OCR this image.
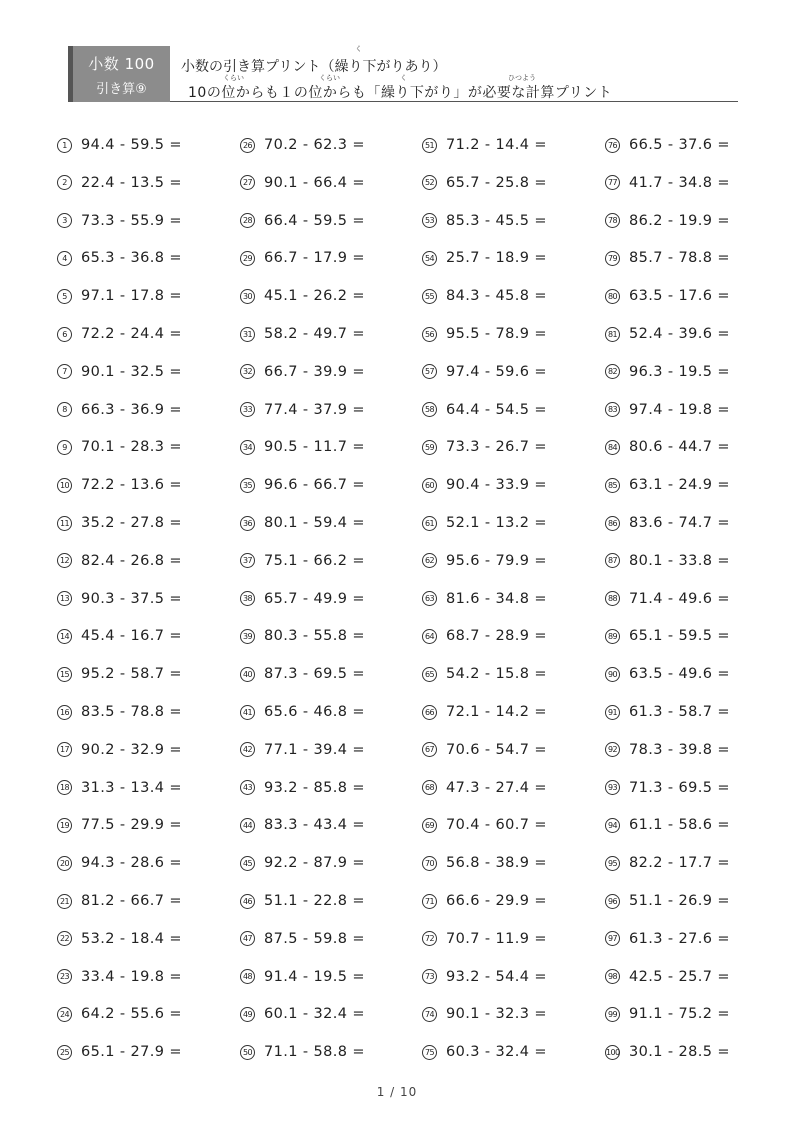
小数 100
引き算⑨
く
小数の引き算プリント（繰り下がりあり）
くらい	くらい	く	ひつよう
10の位からも１の位からも「繰り下がり」が必要な計算プリント
1 94.4 - 59.5 =
2 22.4 - 13.5 =
3 73.3 - 55.9 =
4 65.3 - 36.8 =
5 97.1 - 17.8 =
6 72.2 - 24.4 =
7 90.1 - 32.5 =
8 66.3 - 36.9 =
9 70.1 - 28.3 =
10 72.2 - 13.6 =
11 35.2 - 27.8 =
12 82.4 - 26.8 =
13 90.3 - 37.5 =
14 45.4 - 16.7 =
15 95.2 - 58.7 =
16 83.5 - 78.8 =
17 90.2 - 32.9 =
18 31.3 - 13.4 =
19 77.5 - 29.9 =
20 94.3 - 28.6 =
21 81.2 - 66.7 =
22 53.2 - 18.4 =
23 33.4 - 19.8 =
24 64.2 - 55.6 =
25 65.1 - 27.9 =
26 70.2 - 62.3 =
27 90.1 - 66.4 =
28 66.4 - 59.5 =
29 66.7 - 17.9 =
30 45.1 - 26.2 =
31 58.2 - 49.7 =
32 66.7 - 39.9 =
33 77.4 - 37.9 =
34 90.5 - 11.7 =
35 96.6 - 66.7 =
36 80.1 - 59.4 =
37 75.1 - 66.2 =
38 65.7 - 49.9 =
39 80.3 - 55.8 =
40 87.3 - 69.5 =
41 65.6 - 46.8 =
42 77.1 - 39.4 =
43 93.2 - 85.8 =
44 83.3 - 43.4 =
45 92.2 - 87.9 =
46 51.1 - 22.8 =
47 87.5 - 59.8 =
48 91.4 - 19.5 =
49 60.1 - 32.4 =
50 71.1 - 58.8 =
51 71.2 - 14.4 =
52 65.7 - 25.8 =
53 85.3 - 45.5 =
54 25.7 - 18.9 =
55 84.3 - 45.8 =
56 95.5 - 78.9 =
57 97.4 - 59.6 =
58 64.4 - 54.5 =
59 73.3 - 26.7 =
60 90.4 - 33.9 =
61 52.1 - 13.2 =
62 95.6 - 79.9 =
63 81.6 - 34.8 =
64 68.7 - 28.9 =
65 54.2 - 15.8 =
66 72.1 - 14.2 =
67 70.6 - 54.7 =
68 47.3 - 27.4 =
69 70.4 - 60.7 =
70 56.8 - 38.9 =
71 66.6 - 29.9 =
72 70.7 - 11.9 =
73 93.2 - 54.4 =
74 90.1 - 32.3 =
75 60.3 - 32.4 =
76 66.5 - 37.6 =
77 41.7 - 34.8 =
78 86.2 - 19.9 =
79 85.7 - 78.8 =
80 63.5 - 17.6 =
81 52.4 - 39.6 =
82 96.3 - 19.5 =
83 97.4 - 19.8 =
84 80.6 - 44.7 =
85 63.1 - 24.9 =
86 83.6 - 74.7 =
87 80.1 - 33.8 =
88 71.4 - 49.6 =
89 65.1 - 59.5 =
90 63.5 - 49.6 =
91 61.3 - 58.7 =
92 78.3 - 39.8 =
93 71.3 - 69.5 =
94 61.1 - 58.6 =
95 82.2 - 17.7 =
96 51.1 - 26.9 =
97 61.3 - 27.6 =
98 42.5 - 25.7 =
99 91.1 - 75.2 =
100 30.1 - 28.5 =
1 / 10
